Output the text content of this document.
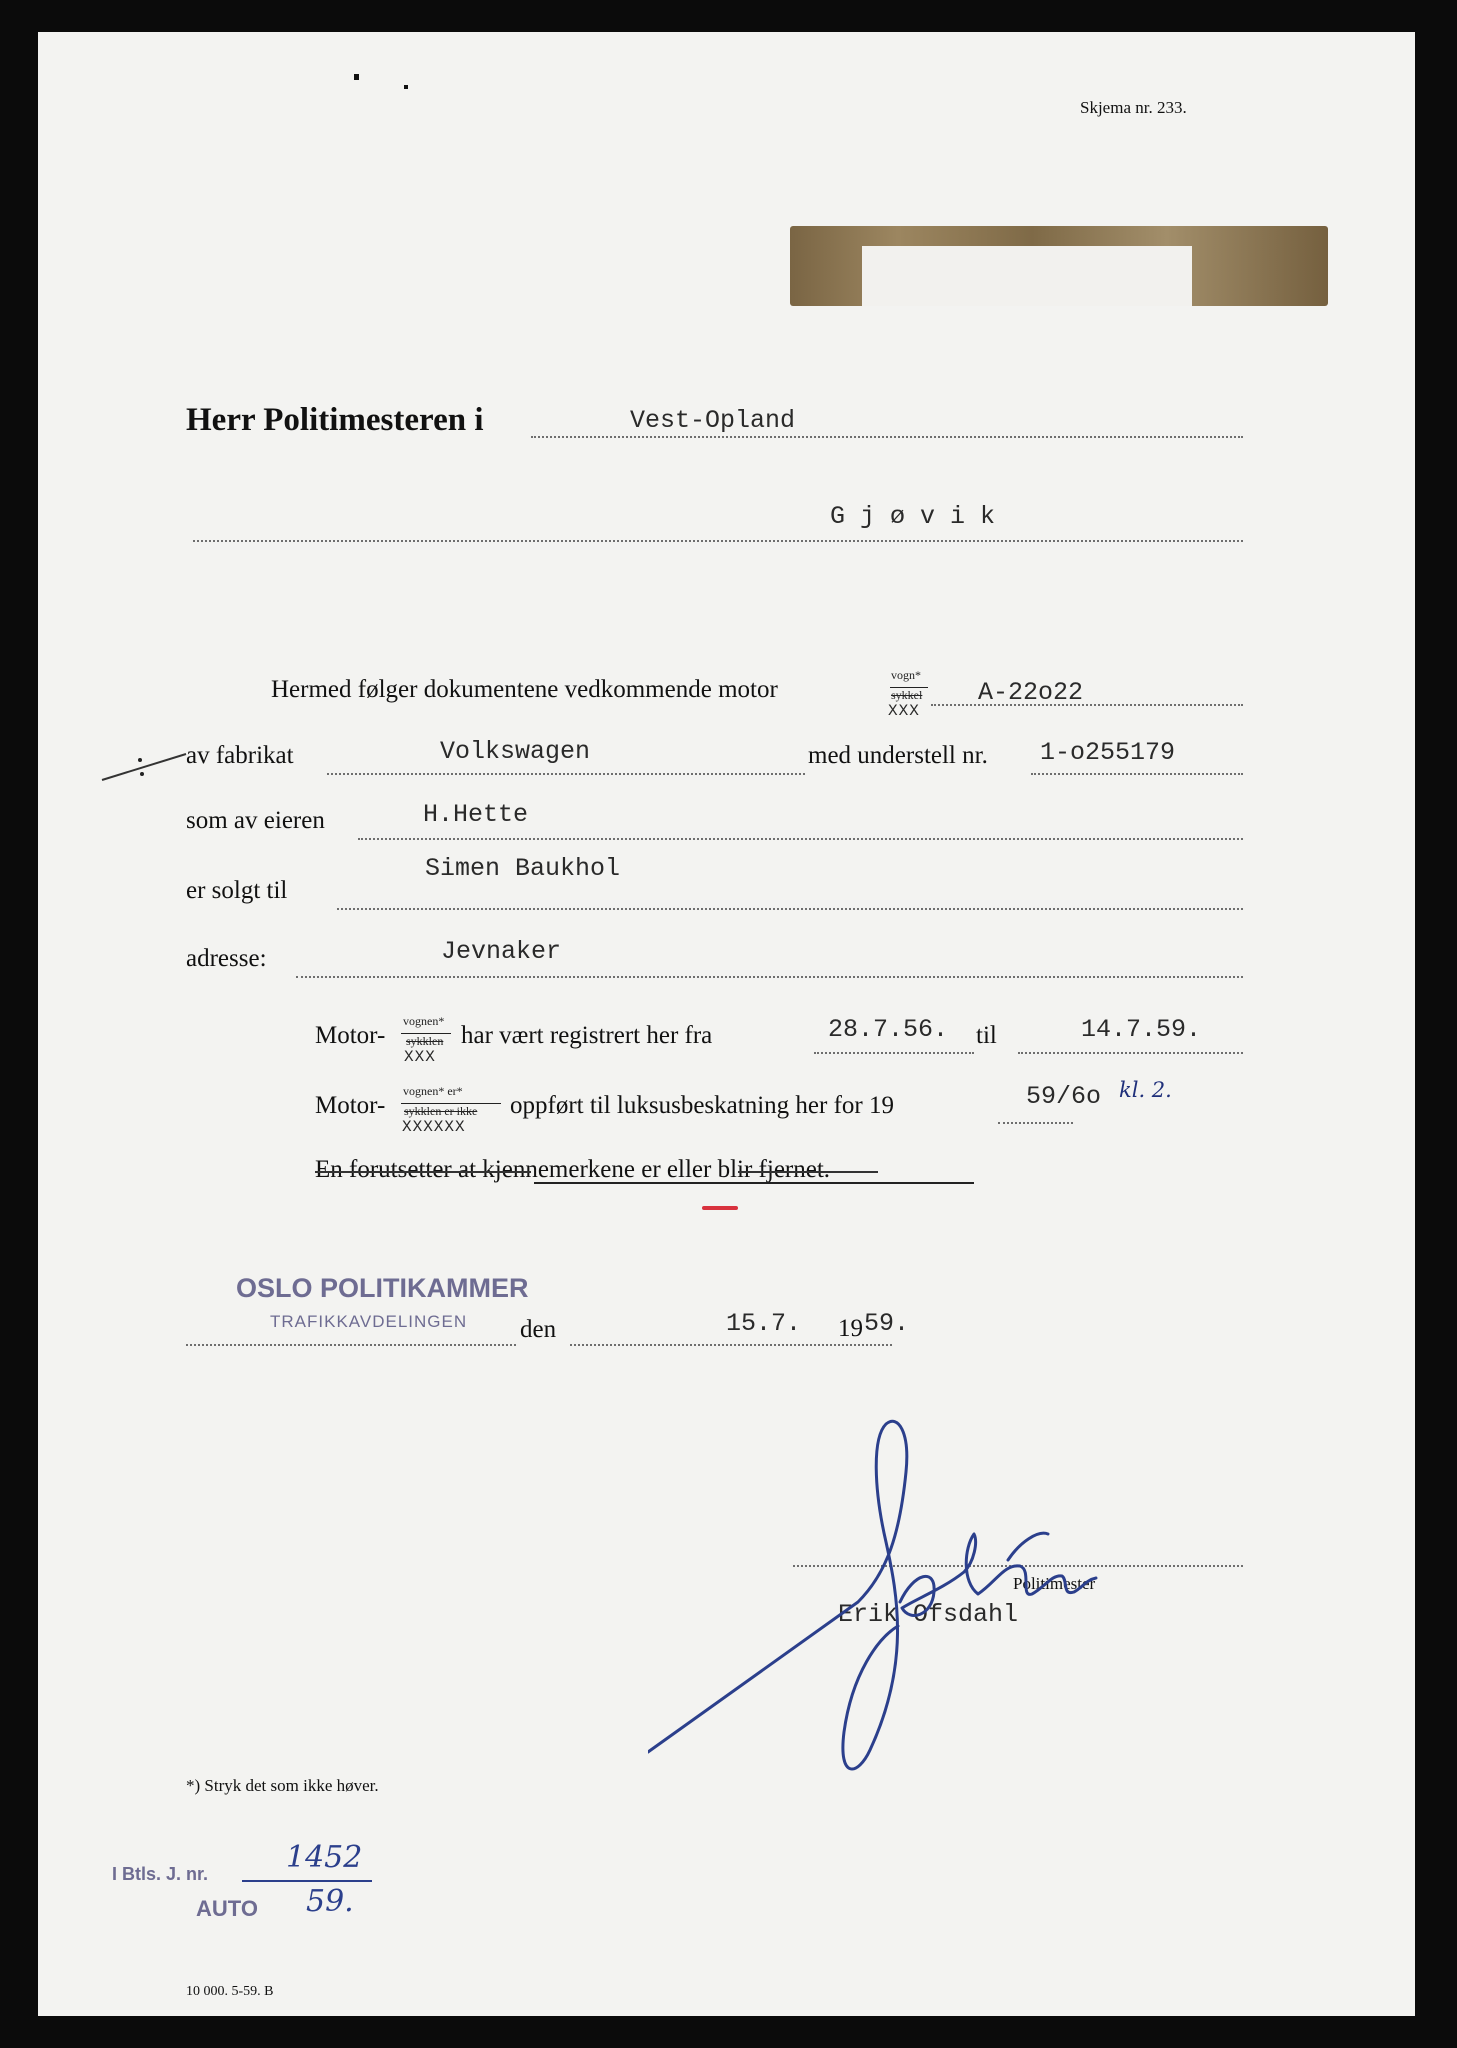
Skjema nr. 233.
Herr Politimesteren i	Vest-Opland
G j ø v i k
Hermed følger dokumentene vedkommende motor
vogn*
sykkel
XXX
A-22o22
av fabrikat	Volkswagen	med understell nr. 1-o255179
som av eieren	H.Hette
er solgt til
Simen Baukhol
adresse:	Jevnaker
Motor-
vognen*
sykklen
XXX
har vært registrert her fra	28.7.56. til	14.7.59.
Motor-
vognen* er*
sykklen er ikke
XXXXXX
oppført til luksusbeskatning her for 19	59/6o kl. 2.
En forutsetter at kjennemerkene er eller blir fjernet.
OSLO POLITIKAMMER
TRAFIKKAVDELINGEN den	15.7. 19 59.
Politimester
Erik Ofsdahl
*) Stryk det som ikke høver.
I Btls. J. nr.	1452
AUTO 59.
10 000. 5-59. B
